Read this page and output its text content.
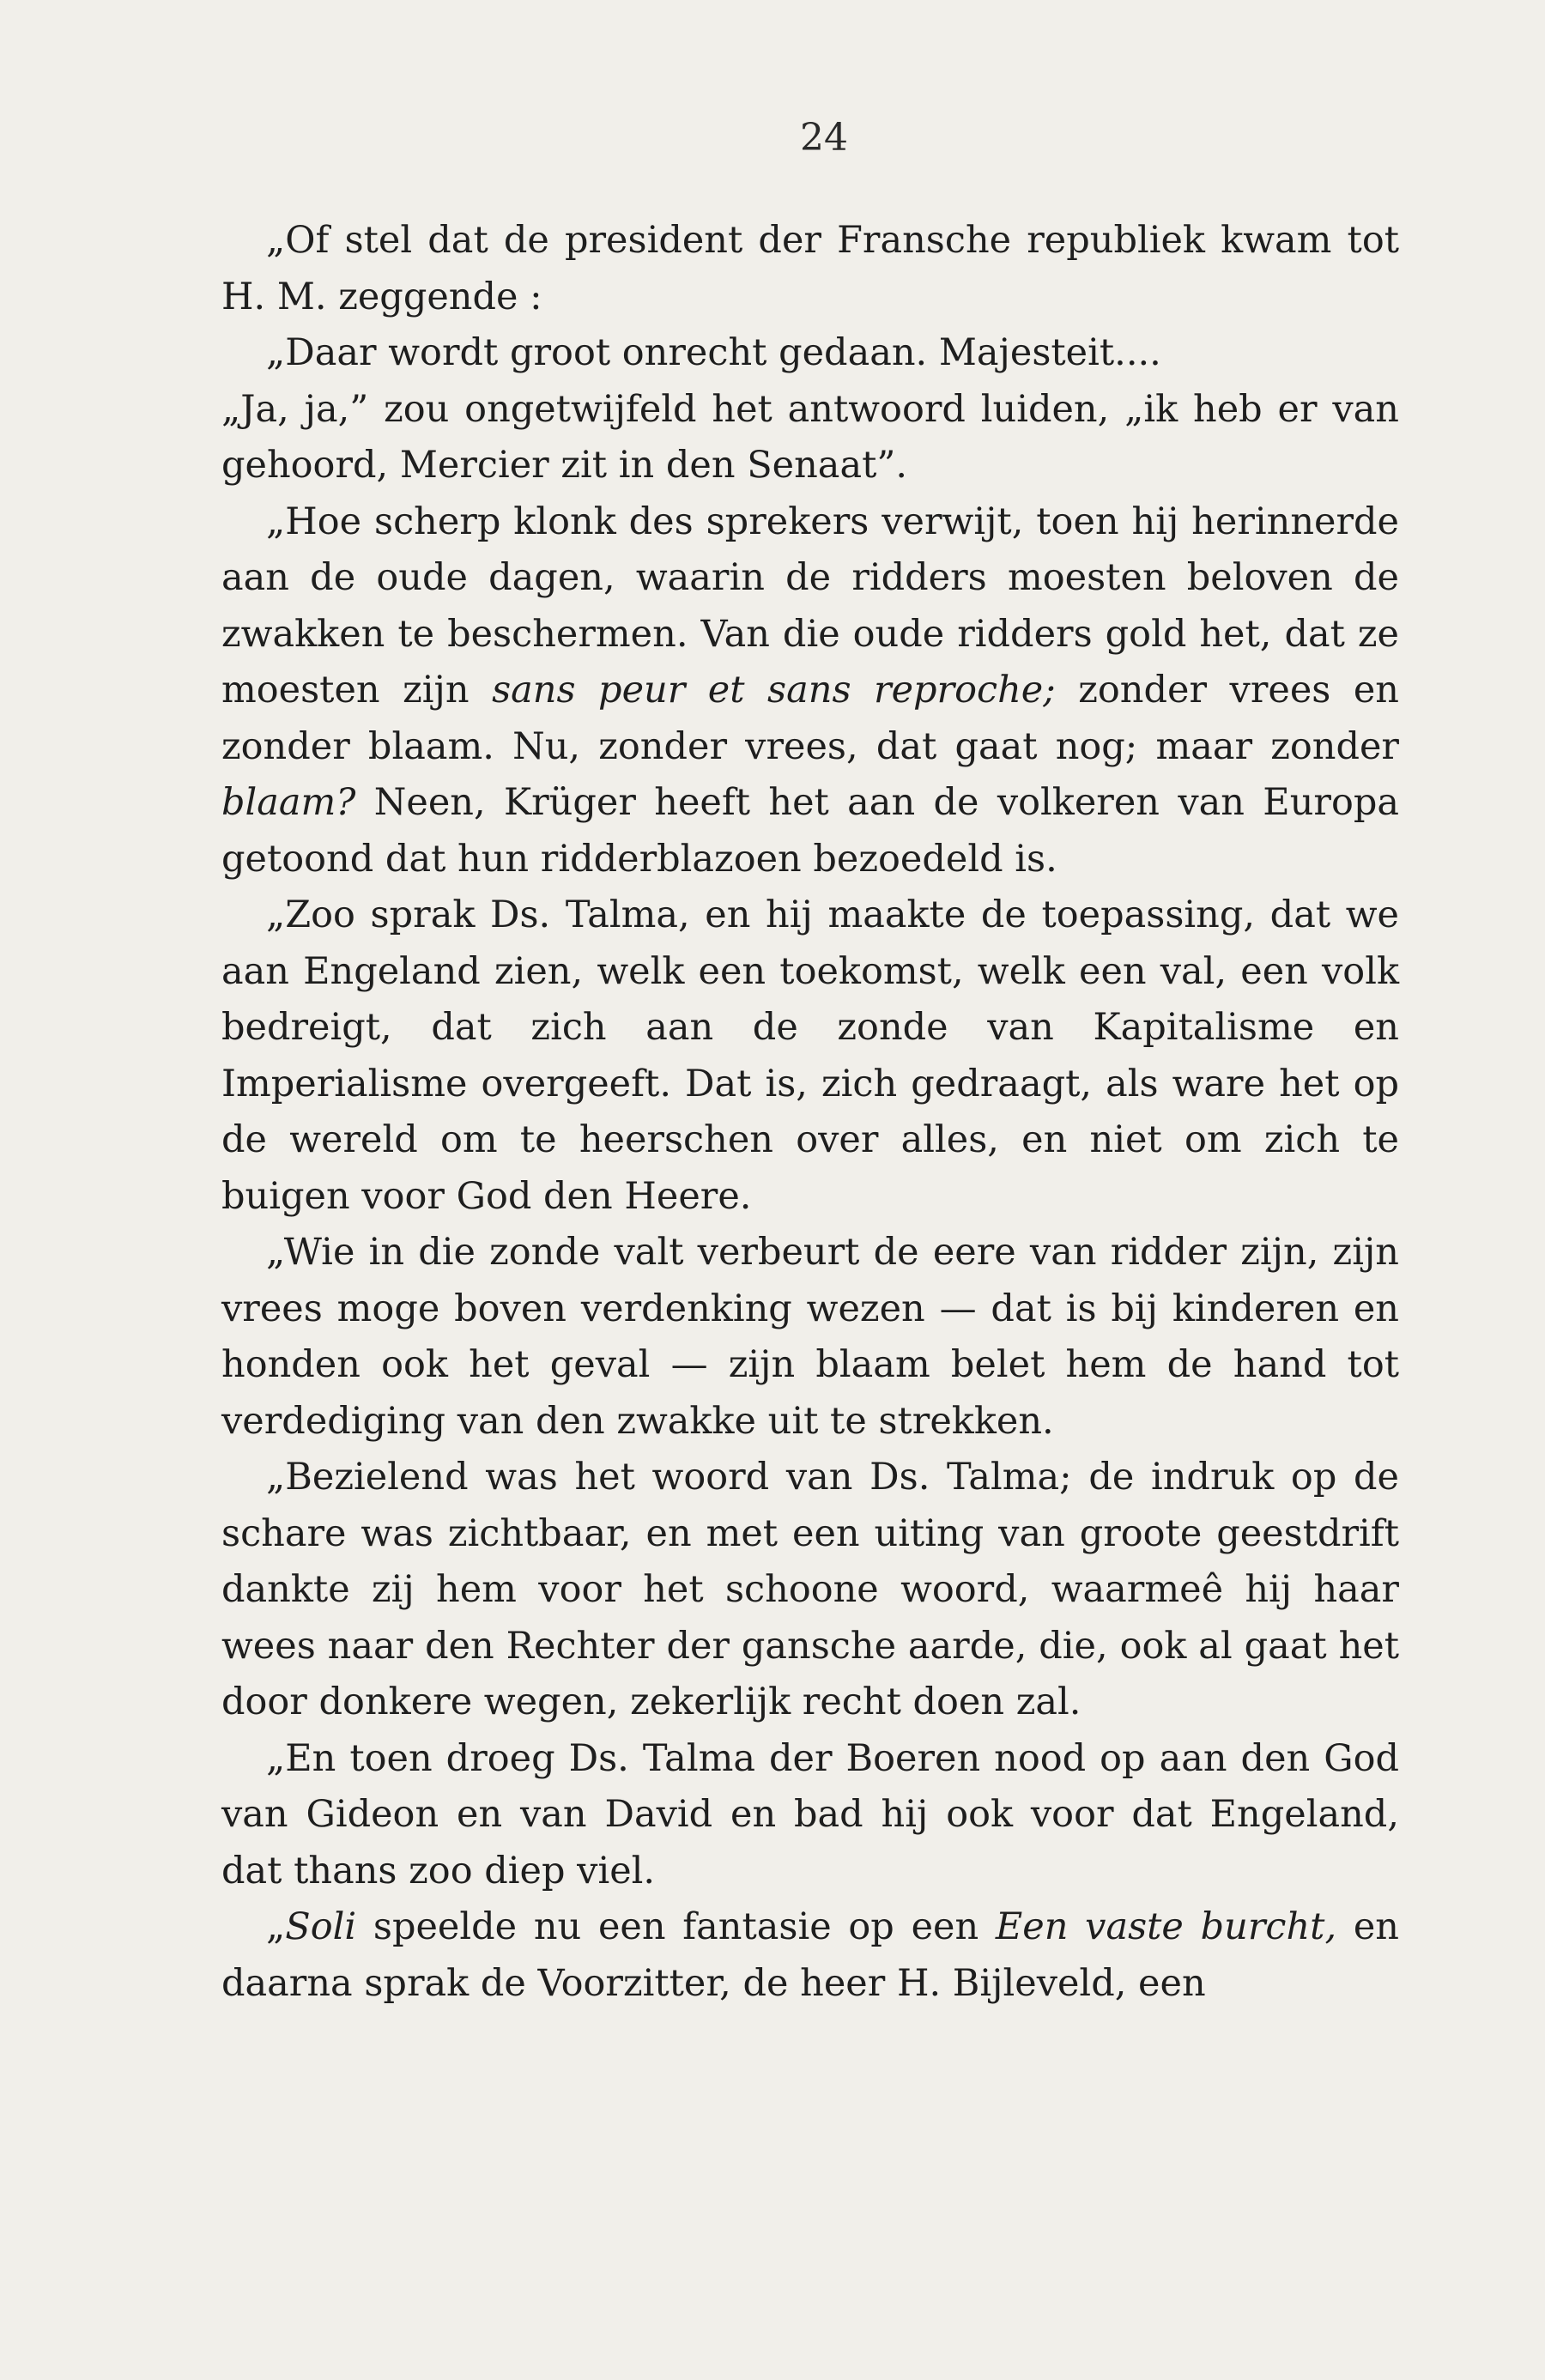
24

„Of stel dat de president der Fransche republiek kwam tot H. M. zeggende :

„Daar wordt groot onrecht gedaan. Majesteit....

„Ja, ja,” zou ongetwijfeld het antwoord luiden, „ik heb er van gehoord, Mercier zit in den Senaat”.

„Hoe scherp klonk des sprekers verwijt, toen hij herinnerde aan de oude dagen, waarin de ridders moesten beloven de zwakken te beschermen. Van die oude ridders gold het, dat ze moesten zijn sans peur et sans reproche; zonder vrees en zonder blaam. Nu, zonder vrees, dat gaat nog; maar zonder blaam? Neen, Krüger heeft het aan de volkeren van Europa getoond dat hun ridderblazoen bezoedeld is.

„Zoo sprak Ds. Talma, en hij maakte de toepassing, dat we aan Engeland zien, welk een toekomst, welk een val, een volk bedreigt, dat zich aan de zonde van Kapitalisme en Imperialisme overgeeft. Dat is, zich gedraagt, als ware het op de wereld om te heerschen over alles, en niet om zich te buigen voor God den Heere.

„Wie in die zonde valt verbeurt de eere van ridder zijn, zijn vrees moge boven verdenking wezen — dat is bij kinderen en honden ook het geval — zijn blaam belet hem de hand tot verdediging van den zwakke uit te strekken.

„Bezielend was het woord van Ds. Talma; de indruk op de schare was zichtbaar, en met een uiting van groote geestdrift dankte zij hem voor het schoone woord, waarmeê hij haar wees naar den Rechter der gansche aarde, die, ook al gaat het door donkere wegen, zekerlijk recht doen zal.

„En toen droeg Ds. Talma der Boeren nood op aan den God van Gideon en van David en bad hij ook voor dat Engeland, dat thans zoo diep viel.

„Soli speelde nu een fantasie op een Een vaste burcht, en daarna sprak de Voorzitter, de heer H. Bijleveld, een
